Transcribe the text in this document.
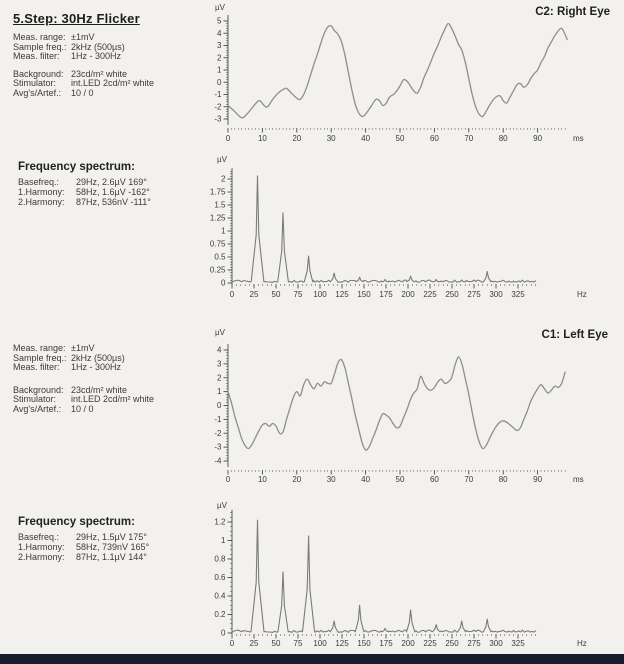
5.Step: 30Hz Flicker	C2: Right Eye
C1: Left Eye
Meas. range: ±1mV
Sample freq.: 2kHz (500µs)
Meas. filter:	1Hz - 300Hz
Background: 23cd/m² white
Stimulator:	int.LED 2cd/m² white
Avg's/Artef.:	10 / 0
Meas. range: ±1mV
Sample freq.: 2kHz (500µs)
Meas. filter:	1Hz - 300Hz
Background: 23cd/m² white
Stimulator:	int.LED 2cd/m² white
Avg's/Artef.:	10 / 0
Frequency spectrum:
Basefreq.:	29Hz, 2.6µV 169°
1.Harmony:	58Hz, 1.6µV -162°
2.Harmony:	87Hz, 536nV -111°
Frequency spectrum:
Basefreq.:	29Hz, 1.5µV 175°
1.Harmony:	58Hz, 739nV 165°
2.Harmony:	87Hz, 1.1µV 144°
µV
5
4
3
2
1
0
-1
-2
-3
0	10	20	30	40	50	60	70	80	90	ms
µV
2
1.75
1.5
1.25
1
0.75
0.5
0.25
0
0 25 50 75 100 125 150 175 200 225 250 275 300 325	Hz
µV
4
3
2
1
0
-1
-2
-3
-4
0	10	20	30	40	50	60	70	80	90	ms
µV
1.2
1
0.8
0.6
0.4
0.2
0
0 25 50 75 100 125 150 175 200 225 250 275 300 325	Hz
